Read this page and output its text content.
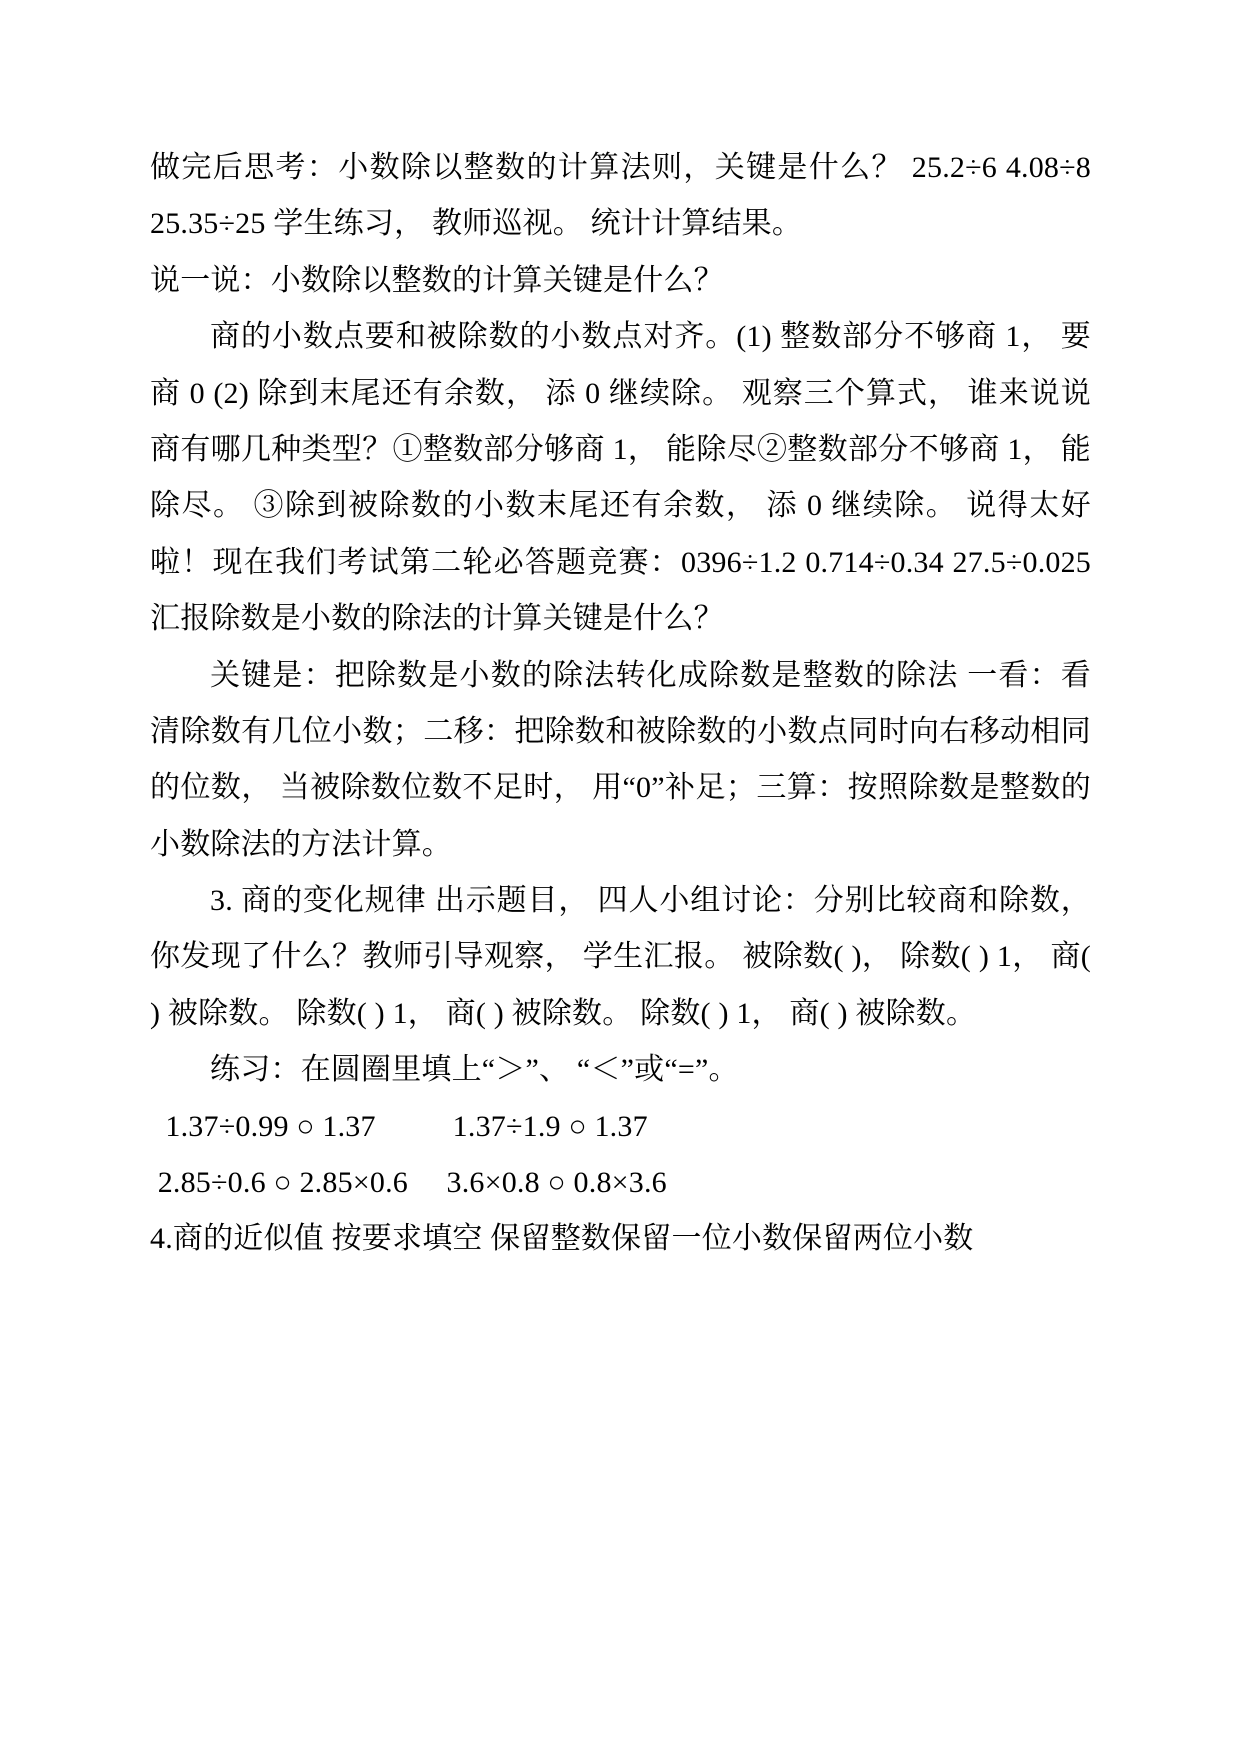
做完后思考：小数除以整数的计算法则，关键是什么？ 25.2÷6 4.08÷8 25.35÷25 学生练习， 教师巡视。 统计计算结果。

说一说：小数除以整数的计算关键是什么？

商的小数点要和被除数的小数点对齐。(1) 整数部分不够商 1， 要商 0 (2) 除到末尾还有余数， 添 0 继续除。 观察三个算式， 谁来说说商有哪几种类型？①整数部分够商 1， 能除尽②整数部分不够商 1， 能除尽。 ③除到被除数的小数末尾还有余数， 添 0 继续除。 说得太好啦！现在我们考试第二轮必答题竞赛：0396÷1.2 0.714÷0.34 27.5÷0.025 汇报除数是小数的除法的计算关键是什么？

关键是：把除数是小数的除法转化成除数是整数的除法 一看：看清除数有几位小数；二移：把除数和被除数的小数点同时向右移动相同的位数， 当被除数位数不足时， 用“0”补足；三算：按照除数是整数的小数除法的方法计算。

3. 商的变化规律 出示题目， 四人小组讨论：分别比较商和除数， 你发现了什么？教师引导观察， 学生汇报。 被除数( )， 除数( ) 1， 商( ) 被除数。 除数( ) 1， 商( ) 被除数。 除数( ) 1， 商( ) 被除数。

练习：在圆圈里填上“＞”、 “＜”或“=”。

1.37÷0.99 ○ 1.37          1.37÷1.9 ○ 1.37

2.85÷0.6 ○ 2.85×0.6     3.6×0.8 ○ 0.8×3.6

4.商的近似值 按要求填空 保留整数保留一位小数保留两位小数
